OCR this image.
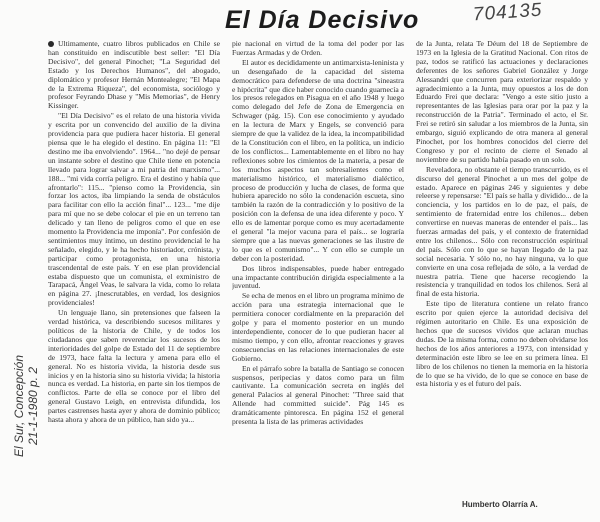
El Día Decisivo	704135
El Sur, Concepción 21-1-1980 p. 2

Ultimamente, cuatro libros publicados en Chile se han constituido en indiscutible best seller: "El Día Decisivo", del general Pinochet; "La Seguridad del Estado y los Derechos Humanos", del abogado, diplomático y profesor Hernán Montealegre; "El Mapa de la Extrema Riqueza", del economista, sociólogo y profesor Feyrando Dhase y "Mis Memorias", de Henry Kissinger.

"El Día Decisivo" es el relato de una historia vivida y escrita por un convencido del auxilio de la divina providencia para que pudiera hacer historia. El general piensa que le ha elegido el destino. En página 11: "El destino me iba envolviendo". 1964... "no dejé de pensar un instante sobre el destino que Chile tiene en potencia llevado para lograr salvar a mi patria del marxismo"... 188... "mi vida corría peligro. Era el destino y había que afrontarlo": 115... "pienso como la Providencia, sin forzar los actos, iba limpiando la senda de obstáculos para facilitar con ello la acción final"... 123... "me dije para mí que no se debe colocar el pie en un terreno tan delicado y tan lleno de peligros como el que en ese momento la Providencia me imponía". Por confesión de sentimientos muy íntimo, un destino providencial le ha señalado, elegido, y le ha hecho historiador, crónista, y participar como protagonista, en una historia trascendental de este país. Y en ese plan providencial estaba dispuesto que un comunista, el exministro de Tarapacá, Ángel Veas, le salvara la vida, como lo relata en página 27. ¡Inescrutables, en verdad, los designios providenciales!

Un lenguaje llano, sin pretensiones que falseen la verdad histórica, va describiendo sucesos militares y políticos de la historia de Chile, y de todos los ciudadanos que saben reverenciar los sucesos de los interioridades del golpe de Estado del 11 de septiembre de 1973, hace falta la lectura y amena para ello el general. No es historia vivida, la historia desde sus inicios y en la historia sino su historia vivida; la historia nunca es verdad. La historia, en parte sin los tiempos de conflictos. Parte de ella se conoce por el libro del general Gustavo Leigh, en entrevista difundida, los partes castrenses hasta ayer y ahora de dominio público; hasta ahora y ahora de un público, han sido ya...

pie nacional en virtud de la toma del poder por las Fuerzas Armadas y de Orden.

El autor es decididamente un antimarxista-leninista y un desengañado de la capacidad del sistema democrático para defenderse de una doctrina "sineastra e hipócrita" que dice haber conocido cuando guarnecía a los presos relegados en Pisagua en el año 1948 y luego como delegado del Jefe de Zona de Emergencia en Schwager (pág. 15). Con ese conocimiento y ayudado en la lectura de Marx y Engels, se convenció para siempre de que la validez de la idea, la incompatibilidad de la Constitución con el libro, en la política, un indicio de los conflictos... Lamentablemente en el libro no hay reflexiones sobre los cimientos de la materia, a pesar de los muchos aspectos tan sobresalientes como el materialismo histórico, el materialismo dialéctico, proceso de producción y lucha de clases, de forma que hubiera aparecido no sólo la condenación escueta, sino también la razón de la contradicción y lo positivo de la posición con la defensa de una idea diferente y poco. Y ello es de lamentar porque como es muy acertadamente el general "la mejor vacuna para el país... se lograría siempre que a las nuevas generaciones se las ilustre de lo que es el comunismo"... Y con ello se cumple un deber con la posteridad.

Dos libros indispensables, puede haber entregado una impactante contribución dirigida especialmente a la juventud.

Se echa de menos en el libro un programa mínimo de acción para una estrategia internacional que le permitiera conocer cordialmente en la preparación del golpe y para el momento posterior en un mundo interdependiente, conocer de lo que pudieran hacer al mismo tiempo, y con ello, afrontar reacciones y graves consecuencias en las relaciones internacionales de este Gobierno.

En el párrafo sobre la batalla de Santiago se conocen suspensos, peripecias y datos como para un film cautivante. La comunicación secreta en inglés del general Palacios al general Pinochet: "Three said that Allende had committed suicide". Pág 145 es dramáticamente pintoresca. En página 152 el general presenta la lista de las primeras actividades

de la Junta, relata Te Déum del 18 de Septiembre de 1973 en la Iglesia de la Gratitud Nacional. Con ritos de paz, todos se ratificó las actuaciones y declaraciones deferentes de los señores Gabriel González y Jorge Alessandri que concurren para exteriorizar respaldo y agradecimiento a la Junta, muy opuestos a los de don Eduardo Frei que declara: "Vengo a este sitio justo a representantes de las Iglesias para orar por la paz y la reconstrucción de la Patria". Terminado el acto, el Sr. Frei se retiró sin saludar a los miembros de la Junta, sin embargo, siguió explicando de otra manera al general Pinochet, por los hombres conocidos del cierre del Congreso y por el recinto de cierre el Senado al noviembre de su partido había pasado en un solo.

Reveladora, no obstante el tiempo transcurrido, es el discurso del general Pinochet a un mes del golpe de estado. Aparece en páginas 246 y siguientes y debe releerse y repensarse: "El país se halla y dividido... de la conciencia, y los partidos en lo de paz, el país, de sentimiento de fraternidad entre los chilenos... deben convertirse en nuevas maneras de entender el país... las fuerzas armadas del país, y el contexto de fraternidad entre los chilenos... Sólo con reconstrucción espiritual del país. Sólo con lo que se hayan llegado de la paz social necesaria. Y sólo no, no hay ninguna, va lo que convierte en una cosa reflejada de sólo, a la verdad de nuestra patria. Tiene que hacerse recogiendo la resistencia y tranquilidad en todos los chilenos. Será al final de esta historia.

Este tipo de literatura contiene un relato franco escrito por quien ejerce la autoridad decisiva del régimen autoritario en Chile. Es una exposición de hechos que de sucesos vividos que aclaran muchas dudas. De la misma forma, como no deben olvidarse los hechos de los años anteriores a 1973, con intensidad y determinación este libro se lee en su primera línea. El libro de los chilenos no tienen la memoria en la historia de lo que se ha vivido, de lo que se conoce en base de esta historia y es el futuro del país.

Humberto Olarría A.
